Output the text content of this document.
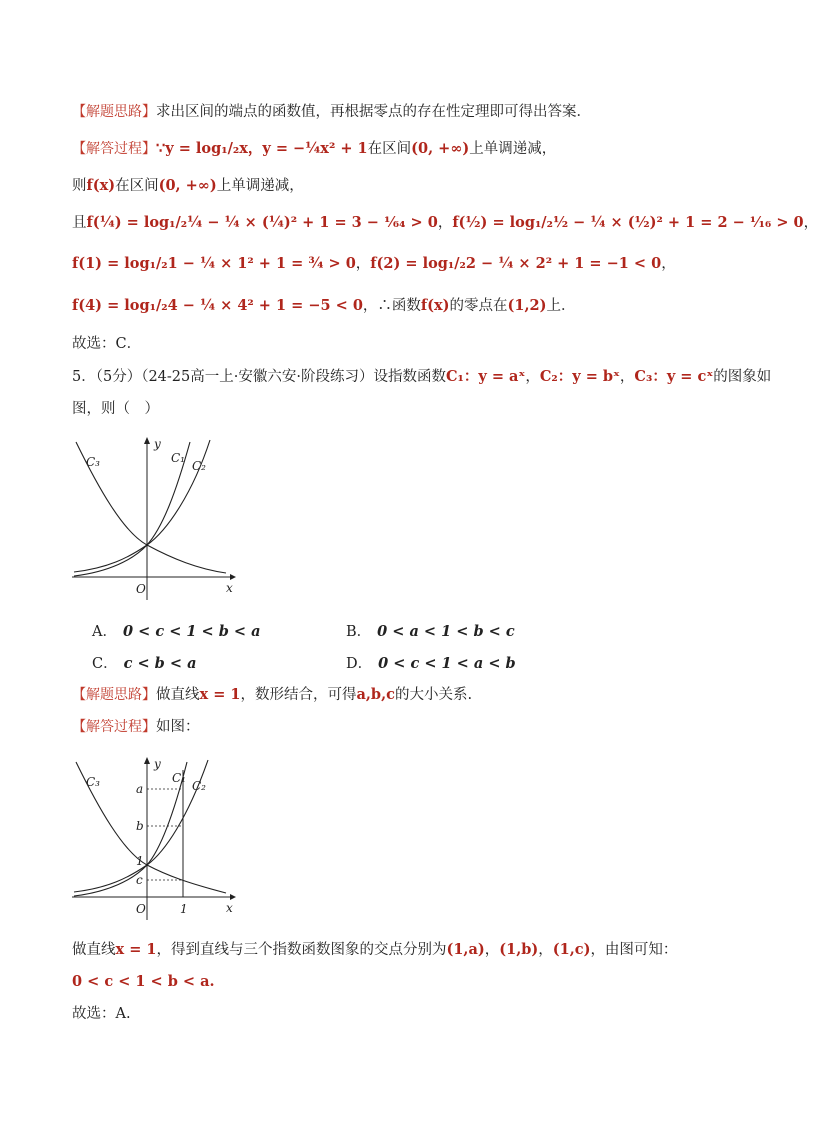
【解题思路】求出区间的端点的函数值，再根据零点的存在性定理即可得出答案．
【解答过程】∵y = log₁/₂x，y = −¼x² + 1在区间(0, +∞)上单调递减，
则f(x)在区间(0, +∞)上单调递减，
且f(¼) = log₁/₂¼ − ¼ × (¼)² + 1 = 3 − ¹⁄₆₄ > 0，f(½) = log₁/₂½ − ¼ × (½)² + 1 = 2 − ¹⁄₁₆ > 0，
f(1) = log₁/₂1 − ¼ × 1² + 1 = ¾ > 0，f(2) = log₁/₂2 − ¼ × 2² + 1 = −1 < 0，
f(4) = log₁/₂4 − ¼ × 4² + 1 = −5 < 0，∴函数f(x)的零点在(1,2)上．
故选：C．
5．（5分）（24-25高一上·安徽六安·阶段练习）设指数函数C₁：y = aˣ，C₂：y = bˣ，C₃：y = cˣ的图象如
图，则（　）
C₃	C₁
C₂
y
x
O
A． 0 < c < 1 < b < a	B． 0 < a < 1 < b < c
C． c < b < a	D． 0 < c < 1 < a < b
【解题思路】做直线x = 1，数形结合，可得a,b,c的大小关系.
【解答过程】如图：
C₃	C₁
C₂
y
x
O
a
b
c
1
1
做直线x = 1，得到直线与三个指数函数图象的交点分别为(1,a)，(1,b)，(1,c)，由图可知：
0 < c < 1 < b < a.
故选：A.
